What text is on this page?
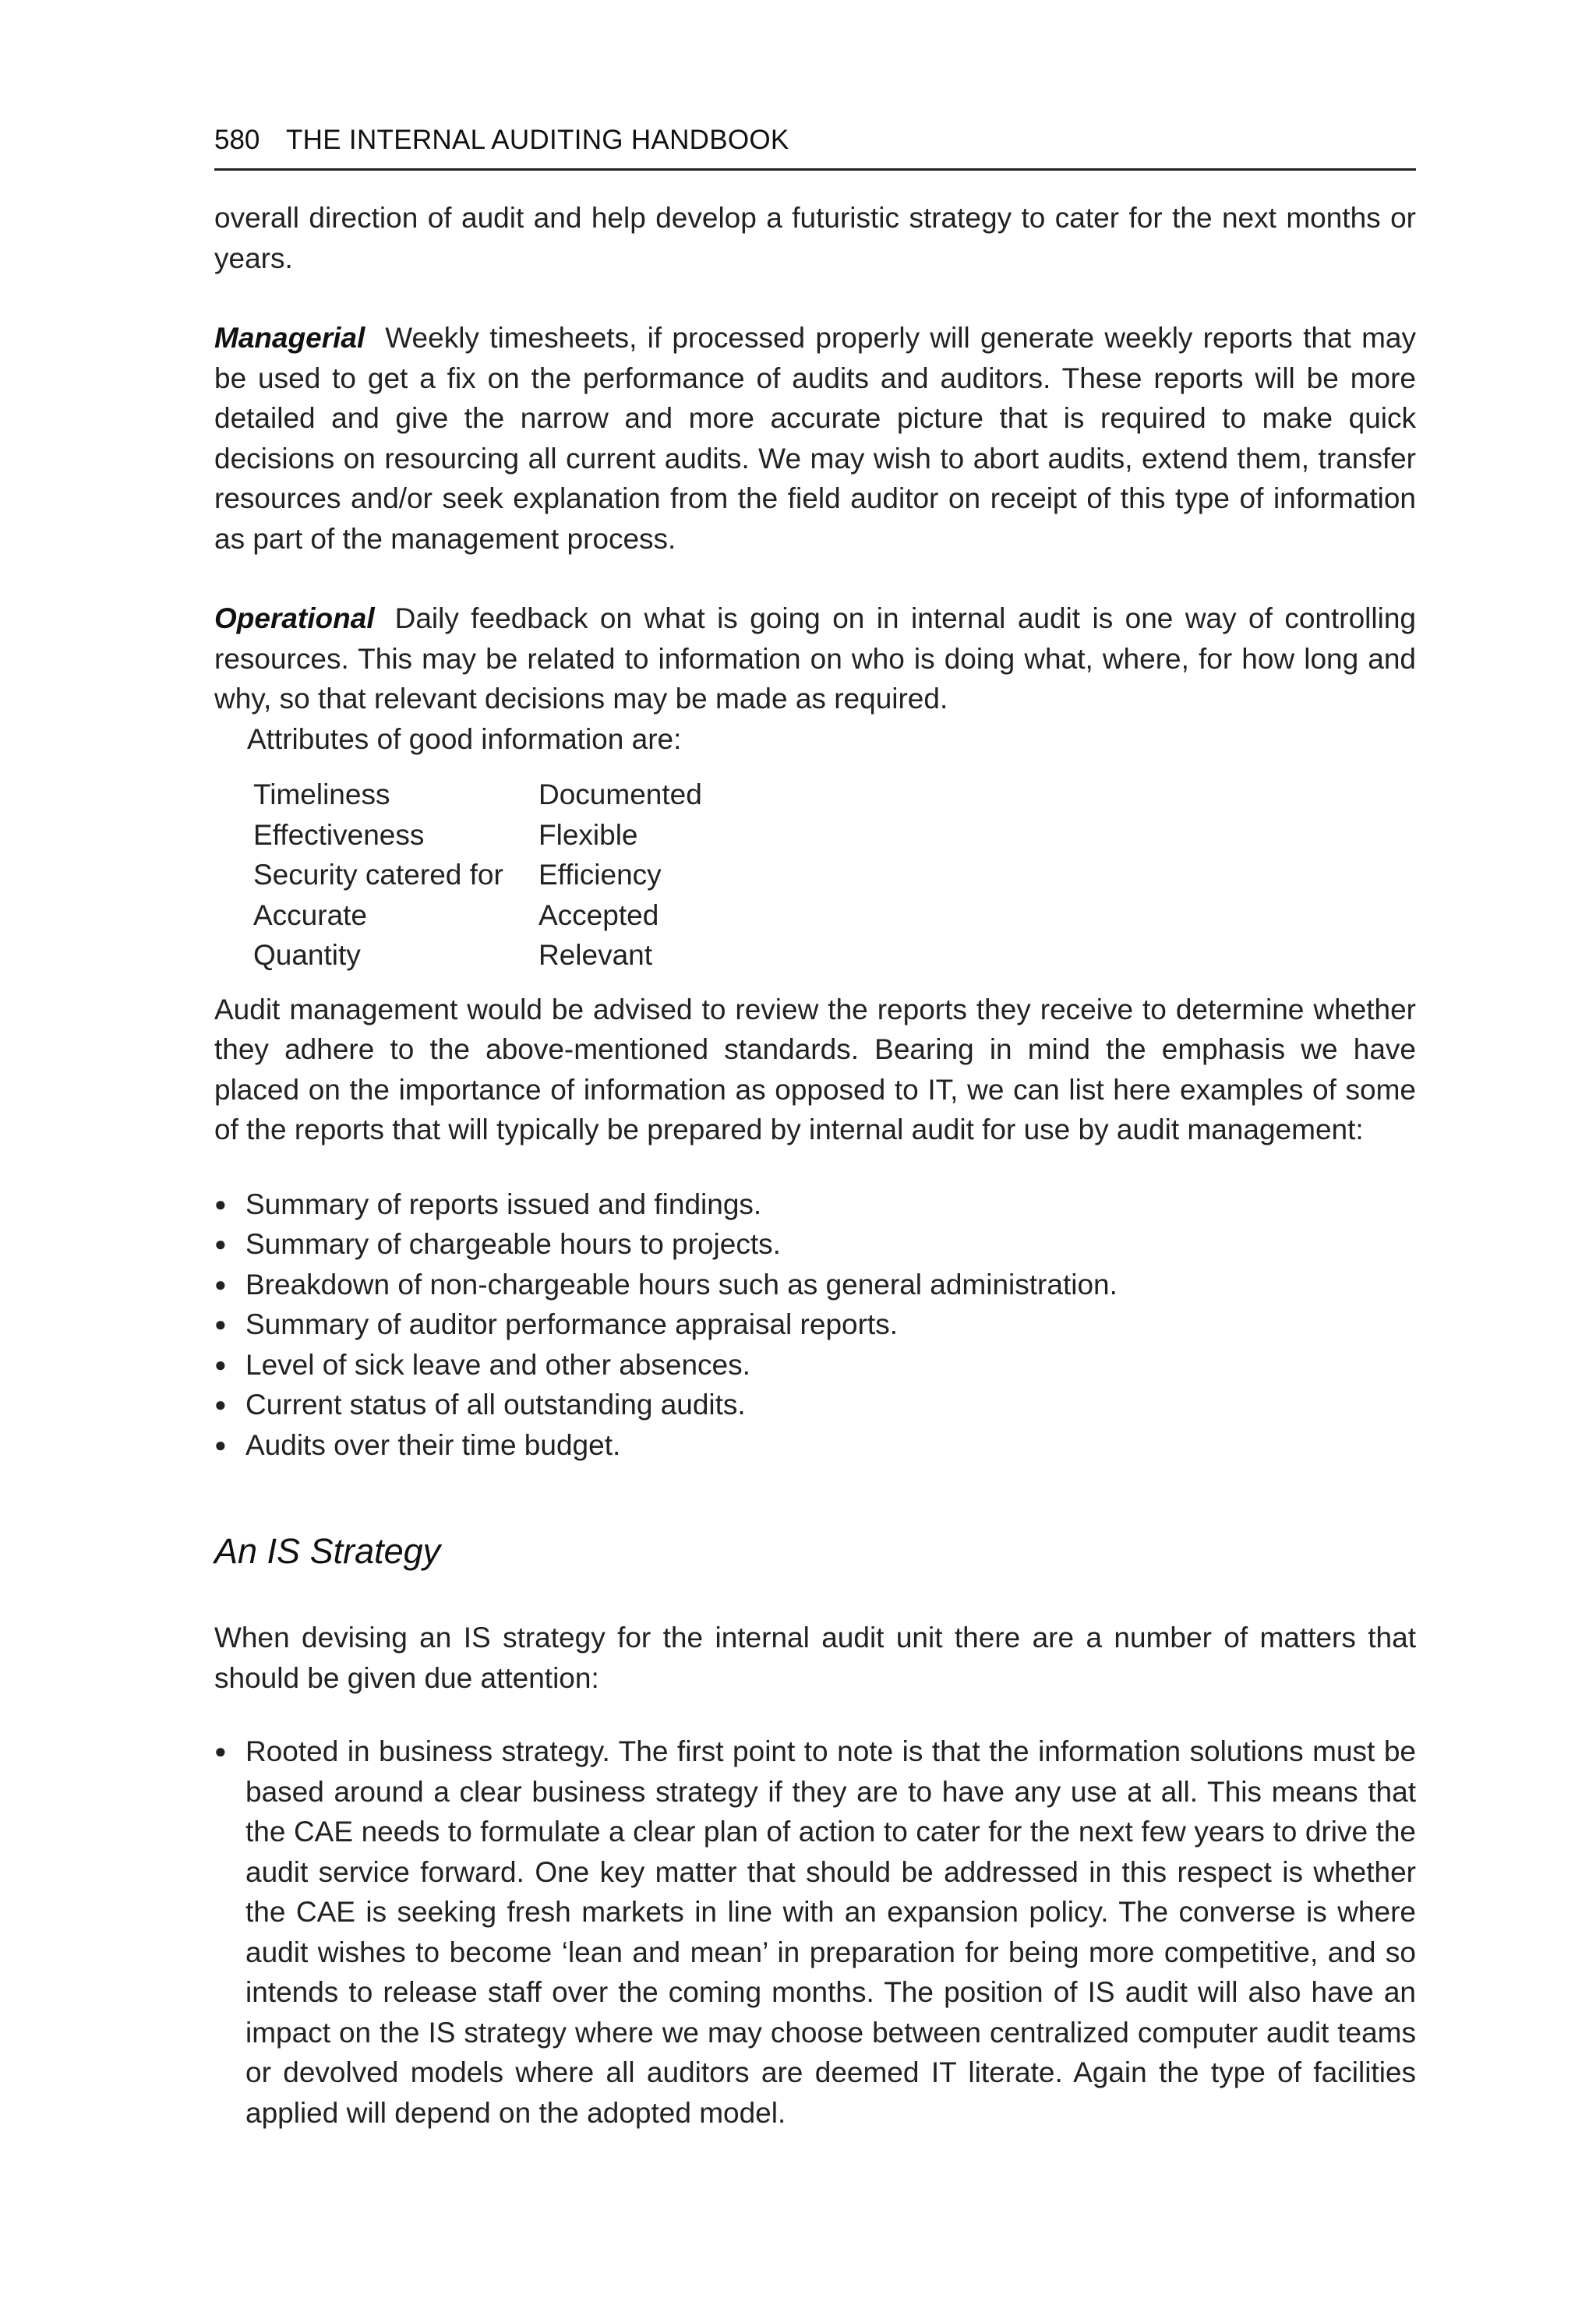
580 THE INTERNAL AUDITING HANDBOOK

overall direction of audit and help develop a futuristic strategy to cater for the next months or years.

Managerial Weekly timesheets, if processed properly will generate weekly reports that may be used to get a fix on the performance of audits and auditors. These reports will be more detailed and give the narrow and more accurate picture that is required to make quick decisions on resourcing all current audits. We may wish to abort audits, extend them, transfer resources and/or seek explanation from the field auditor on receipt of this type of information as part of the management process.

Operational Daily feedback on what is going on in internal audit is one way of controlling resources. This may be related to information on who is doing what, where, for how long and why, so that relevant decisions may be made as required.

Attributes of good information are:

Timeliness	Documented
Effectiveness	Flexible
Security catered for	Efficiency
Accurate	Accepted
Quantity	Relevant

Audit management would be advised to review the reports they receive to determine whether they adhere to the above-mentioned standards. Bearing in mind the emphasis we have placed on the importance of information as opposed to IT, we can list here examples of some of the reports that will typically be prepared by internal audit for use by audit management:

● Summary of reports issued and findings.
● Summary of chargeable hours to projects.
● Breakdown of non-chargeable hours such as general administration.
● Summary of auditor performance appraisal reports.
● Level of sick leave and other absences.
● Current status of all outstanding audits.
● Audits over their time budget.
An IS Strategy

When devising an IS strategy for the internal audit unit there are a number of matters that should be given due attention:

● Rooted in business strategy. The first point to note is that the information solutions must be based around a clear business strategy if they are to have any use at all. This means that the CAE needs to formulate a clear plan of action to cater for the next few years to drive the audit service forward. One key matter that should be addressed in this respect is whether the CAE is seeking fresh markets in line with an expansion policy. The converse is where audit wishes to become ‘lean and mean’ in preparation for being more competitive, and so intends to release staff over the coming months. The position of IS audit will also have an impact on the IS strategy where we may choose between centralized computer audit teams or devolved models where all auditors are deemed IT literate. Again the type of facilities applied will depend on the adopted model.
